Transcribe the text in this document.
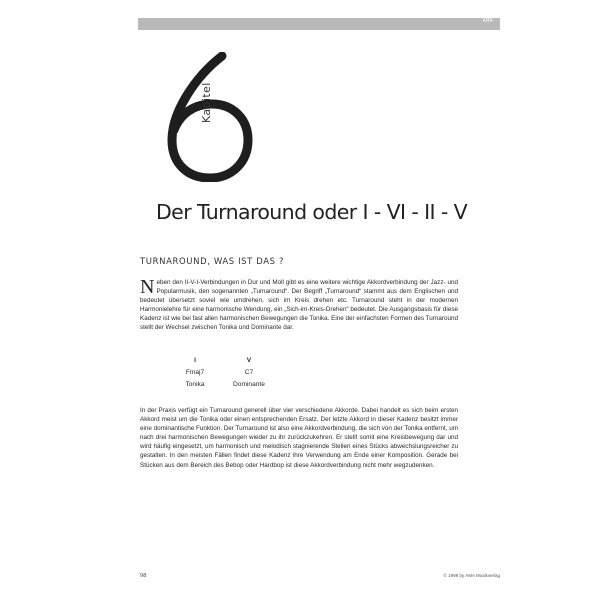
AMA
Kapitel
Der Turnaround oder I - VI - II - V
TURNAROUND, WAS IST DAS ?
Neben den II-V-I-Verbindungen in Dur und Moll gibt es eine weitere wichtige Akkordverbindung der Jazz- und Popularmusik, den sogenannten „Turnaround“. Der Begriff „Turnaround“ stammt aus dem Englischen und bedeutet übersetzt soviel wie umdrehen, sich im Kreis drehen etc. Turnaround steht in der modernen Harmonielehre für eine harmonische Wendung, ein „Sich-im-Kreis-Drehen“ bedeutet. Die Ausgangsbasis für diese Kadenz ist wie bei fast allen harmonischen Bewegungen die Tonika. Eine der einfachsten Formen des Turnaround stellt der Wechsel zwischen Tonika und Dominante dar.
I	V
Fmaj7	C7
Tonika	Dominante
In der Praxis verfügt ein Turnaround generell über vier verschiedene Akkorde. Dabei handelt es sich beim ersten Akkord meist um die Tonika oder einen entsprechenden Ersatz. Der letzte Akkord in dieser Kadenz besitzt immer eine dominantische Funktion. Der Turnaround ist also eine Akkordverbindung, die sich von der Tonika entfernt, um nach drei harmonischen Bewegungen wieder zu ihr zurückzukehren. Er stellt somit eine Kreisbewegung dar und wird häufig eingesetzt, um harmonisch und melodisch stagnierende Stellen eines Stücks abwechslungsreicher zu gestalten. In den meisten Fällen findet diese Kadenz ihre Verwendung am Ende einer Komposition. Gerade bei Stücken aus dem Bereich des Bebop oder Hardbop ist diese Akkordverbindung nicht mehr wegzudenken.
98	© 1999 by AMA Musikverlag
